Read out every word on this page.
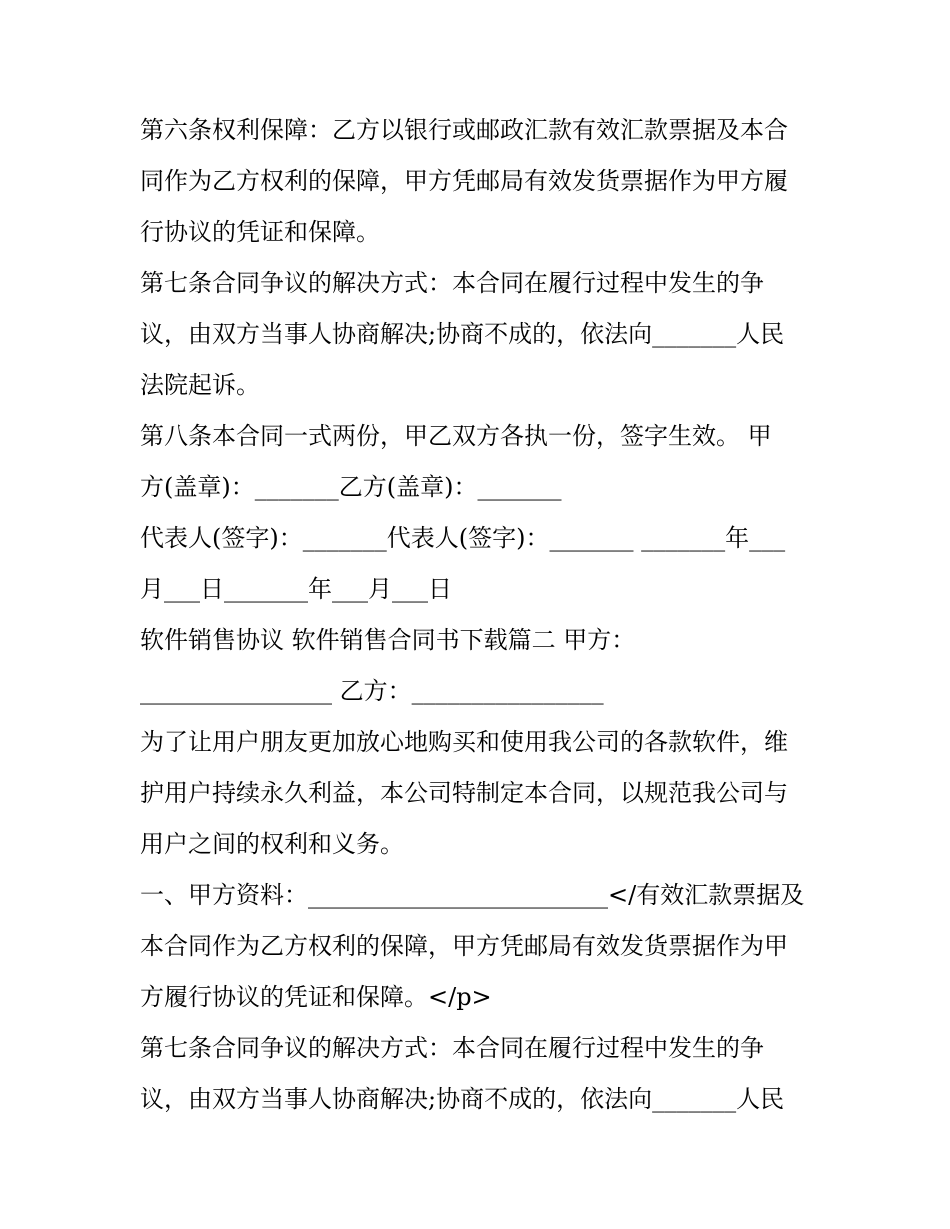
第六条权利保障：乙方以银行或邮政汇款有效汇款票据及本合
同作为乙方权利的保障，甲方凭邮局有效发货票据作为甲方履
行协议的凭证和保障。
第七条合同争议的解决方式：本合同在履行过程中发生的争
议，由双方当事人协商解决;协商不成的，依法向_______人民
法院起诉。
第八条本合同一式两份，甲乙双方各执一份，签字生效。 甲
方(盖章)：_______乙方(盖章)：_______
代表人(签字)：_______代表人(签字)：_______ _______年___
月___日_______年___月___日
软件销售协议 软件销售合同书下载篇二 甲方：
________________ 乙方：________________
为了让用户朋友更加放心地购买和使用我公司的各款软件，维
护用户持续永久利益，本公司特制定本合同，以规范我公司与
用户之间的权利和义务。
一、甲方资料：_________________________</有效汇款票据及
本合同作为乙方权利的保障，甲方凭邮局有效发货票据作为甲
方履行协议的凭证和保障。</p>
第七条合同争议的解决方式：本合同在履行过程中发生的争
议，由双方当事人协商解决;协商不成的，依法向_______人民
